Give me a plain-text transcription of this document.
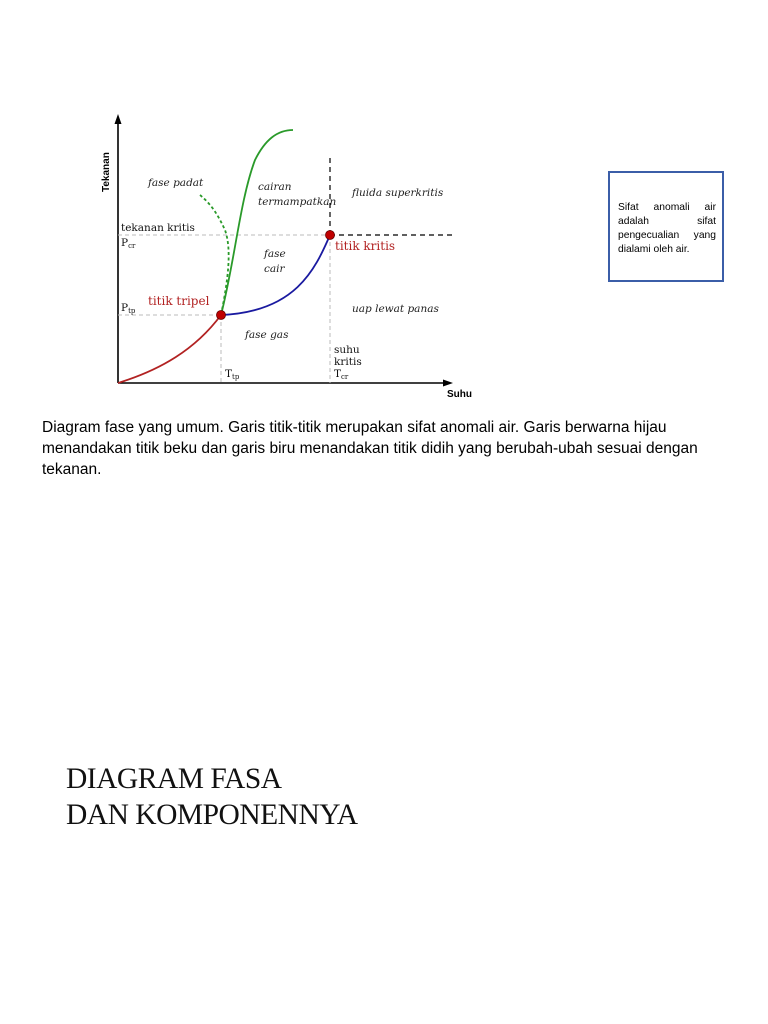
Tekanan
Suhu
fase padat	cairan
termampatkan
fluida superkritis
fase
cair
uap lewat panas
fase gas
titik kritis
titik tripel
tekanan kritis
Pcr
Ptp
Ttp
suhu
kritis
Tcr
Sifat anomali air adalah sifat pengecualian yang dialami oleh air.
Diagram fase yang umum. Garis titik-titik merupakan sifat anomali air. Garis berwarna hijau menandakan titik beku dan garis biru menandakan titik didih yang berubah-ubah sesuai dengan tekanan.
DIAGRAM FASA
DAN KOMPONENNYA
